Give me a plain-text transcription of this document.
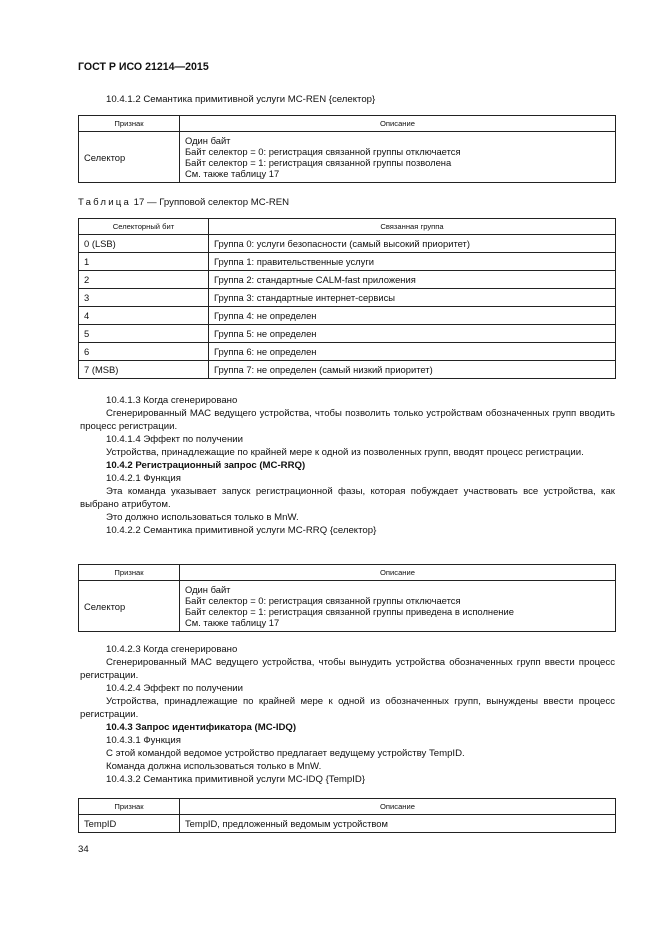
ГОСТ Р ИСО 21214—2015

10.4.1.2 Семантика примитивной услуги MC-REN {селектор}

Признак	Описание
Селектор	Один байт
Байт селектор = 0: регистрация связанной группы отключается
Байт селектор = 1: регистрация связанной группы позволена
См. также таблицу 17
Таблица 17 — Групповой селектор MC-REN
Селекторный бит	Связанная группа
0 (LSB)	Группа 0: услуги безопасности (самый высокий приоритет)
1	Группа 1: правительственные услуги
2	Группа 2: стандартные CALM-fast приложения
3	Группа 3: стандартные интернет-сервисы
4	Группа 4: не определен
5	Группа 5: не определен
6	Группа 6: не определен
7 (MSB)	Группа 7: не определен (самый низкий приоритет)

10.4.1.3 Когда сгенерировано

Сгенерированный МАС ведущего устройства, чтобы позволить только устройствам обозначенных групп вводить процесс регистрации.

10.4.1.4 Эффект по получении

Устройства, принадлежащие по крайней мере к одной из позволенных групп, вводят процесс регистрации.

10.4.2 Регистрационный запрос (MC-RRQ)

10.4.2.1 Функция

Эта команда указывает запуск регистрационной фазы, которая побуждает участвовать все устройства, как выбрано атрибутом.

Это должно использоваться только в MnW.

10.4.2.2 Семантика примитивной услуги MC-RRQ {селектор}

Признак	Описание
Селектор	Один байт
Байт селектор = 0: регистрация связанной группы отключается
Байт селектор = 1: регистрация связанной группы приведена в исполнение
См. также таблицу 17

10.4.2.3 Когда сгенерировано

Сгенерированный МАС ведущего устройства, чтобы вынудить устройства обозначенных групп ввести процесс регистрации.

10.4.2.4 Эффект по получении

Устройства, принадлежащие по крайней мере к одной из обозначенных групп, вынуждены ввести процесс регистрации.

10.4.3 Запрос идентификатора (MC-IDQ)

10.4.3.1 Функция

С этой командой ведомое устройство предлагает ведущему устройству TempID.

Команда должна использоваться только в MnW.

10.4.3.2 Семантика примитивной услуги MC-IDQ {TempID}

Признак	Описание
TempID	TempID, предложенный ведомым устройством
34
